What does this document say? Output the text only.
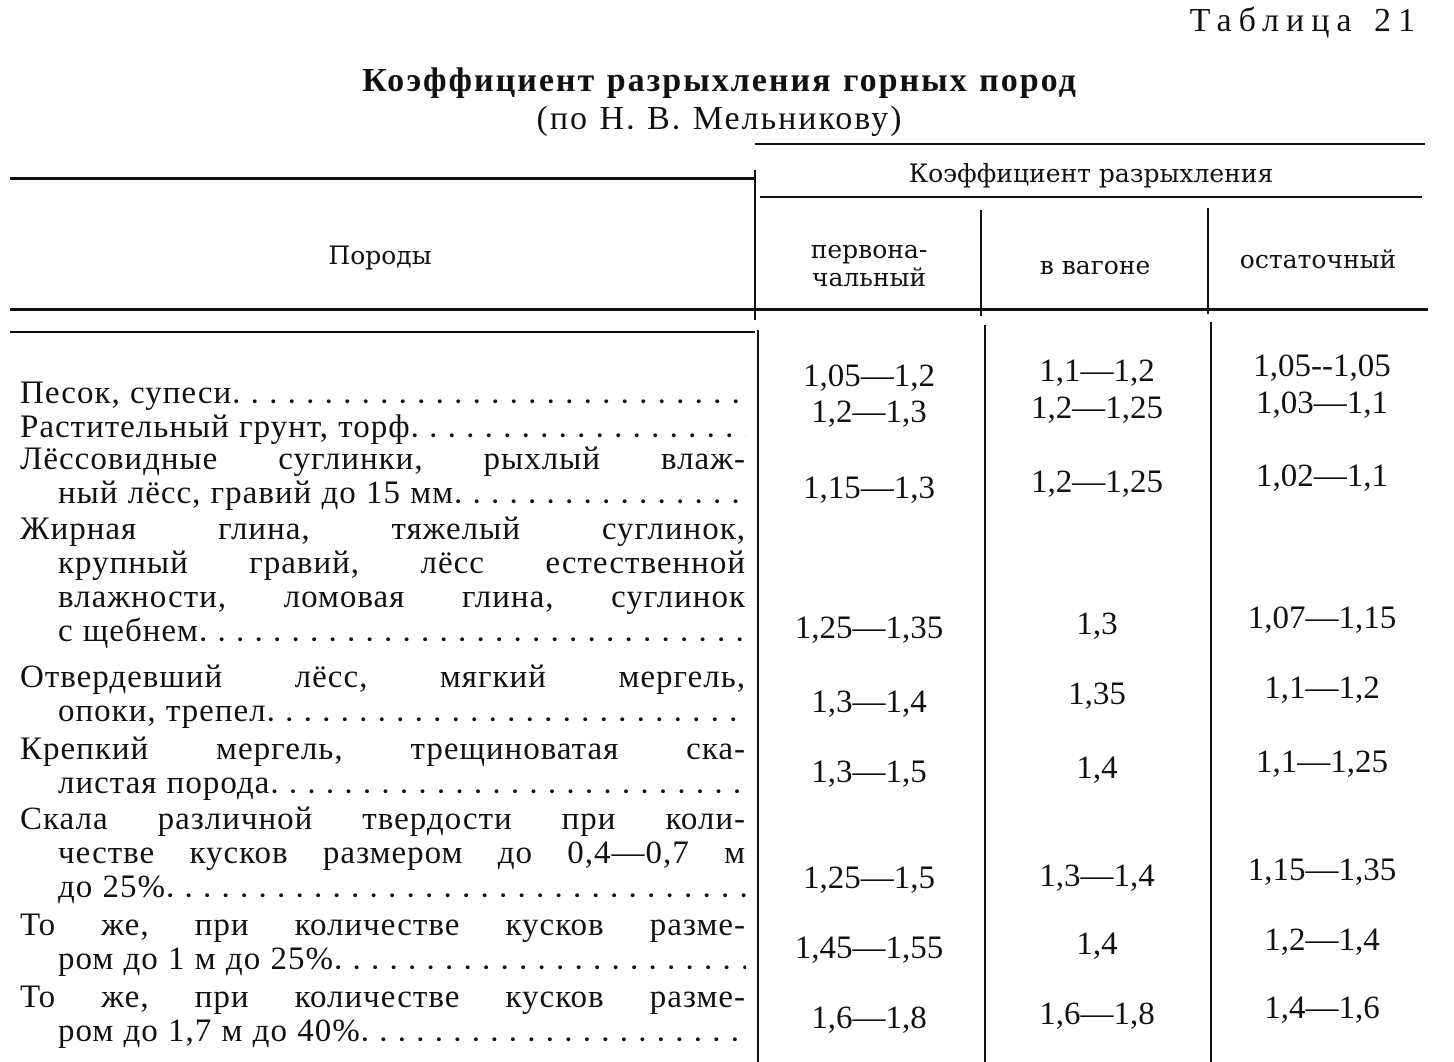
Таблица 21
Коэффициент разрыхления горных пород
(по Н. В. Мельникову)
Породы
Коэффициент разрыхления
первона-
чальный	в вагоне	остаточный
Песок, супеси . . .	1,05—1,2	1,1—1,2	1,05--1,05
Растительный грунт, торф . . .	1,2—1,3	1,2—1,25	1,03—1,1
Лёссовидные суглинки, рыхлый влаж-
ный лёсс, гравий до 15 мм . . .	1,15—1,3	1,2—1,25	1,02—1,1
Жирная глина, тяжелый суглинок,
крупный гравий, лёсс естественной
влажности, ломовая глина, суглинок
с щебнем . . .	1,25—1,35	1,3	1,07—1,15
Отвердевший лёсс, мягкий мергель,
опоки, трепел . . .	1,3—1,4	1,35	1,1—1,2
Крепкий мергель, трещиноватая ска-
листая порода . . .	1,3—1,5	1,4	1,1—1,25
Скала различной твердости при коли-
честве кусков размером до 0,4—0,7 м
до 25% . . .	1,25—1,5	1,3—1,4	1,15—1,35
То же, при количестве кусков разме-
ром до 1 м до 25% . . .	1,45—1,55	1,4	1,2—1,4
То же, при количестве кусков разме-
ром до 1,7 м до 40% . . .	1,6—1,8	1,6—1,8	1,4—1,6
